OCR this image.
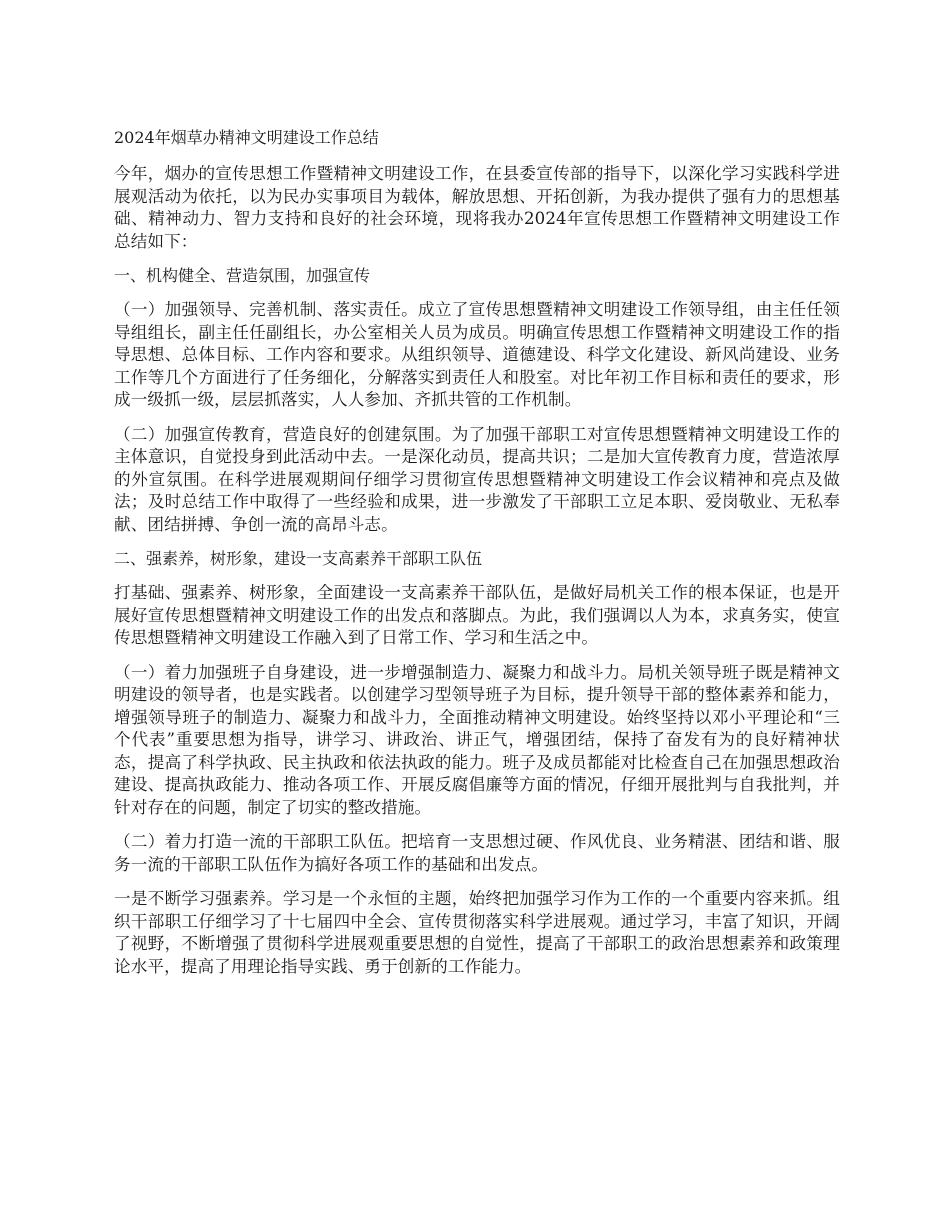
2024年烟草办精神文明建设工作总结

今年，烟办的宣传思想工作暨精神文明建设工作，在县委宣传部的指导下，以深化学习实践科学进展观活动为依托，以为民办实事项目为载体，解放思想、开拓创新，为我办提供了强有力的思想基础、精神动力、智力支持和良好的社会环境，现将我办2024年宣传思想工作暨精神文明建设工作总结如下：

一、机构健全、营造氛围，加强宣传

（一）加强领导、完善机制、落实责任。成立了宣传思想暨精神文明建设工作领导组，由主任任领导组组长，副主任任副组长，办公室相关人员为成员。明确宣传思想工作暨精神文明建设工作的指导思想、总体目标、工作内容和要求。从组织领导、道德建设、科学文化建设、新风尚建设、业务工作等几个方面进行了任务细化，分解落实到责任人和股室。对比年初工作目标和责任的要求，形成一级抓一级，层层抓落实，人人参加、齐抓共管的工作机制。

（二）加强宣传教育，营造良好的创建氛围。为了加强干部职工对宣传思想暨精神文明建设工作的主体意识，自觉投身到此活动中去。一是深化动员，提高共识；二是加大宣传教育力度，营造浓厚的外宣氛围。在科学进展观期间仔细学习贯彻宣传思想暨精神文明建设工作会议精神和亮点及做法；及时总结工作中取得了一些经验和成果，进一步激发了干部职工立足本职、爱岗敬业、无私奉献、团结拼搏、争创一流的高昂斗志。

二、强素养，树形象，建设一支高素养干部职工队伍

打基础、强素养、树形象，全面建设一支高素养干部队伍，是做好局机关工作的根本保证，也是开展好宣传思想暨精神文明建设工作的出发点和落脚点。为此，我们强调以人为本，求真务实，使宣传思想暨精神文明建设工作融入到了日常工作、学习和生活之中。

（一）着力加强班子自身建设，进一步增强制造力、凝聚力和战斗力。局机关领导班子既是精神文明建设的领导者，也是实践者。以创建学习型领导班子为目标，提升领导干部的整体素养和能力，增强领导班子的制造力、凝聚力和战斗力，全面推动精神文明建设。始终坚持以邓小平理论和“三个代表”重要思想为指导，讲学习、讲政治、讲正气，增强团结，保持了奋发有为的良好精神状态，提高了科学执政、民主执政和依法执政的能力。班子及成员都能对比检查自己在加强思想政治建设、提高执政能力、推动各项工作、开展反腐倡廉等方面的情况，仔细开展批判与自我批判，并针对存在的问题，制定了切实的整改措施。

（二）着力打造一流的干部职工队伍。把培育一支思想过硬、作风优良、业务精湛、团结和谐、服务一流的干部职工队伍作为搞好各项工作的基础和出发点。

一是不断学习强素养。学习是一个永恒的主题，始终把加强学习作为工作的一个重要内容来抓。组织干部职工仔细学习了十七届四中全会、宣传贯彻落实科学进展观。通过学习，丰富了知识，开阔了视野，不断增强了贯彻科学进展观重要思想的自觉性，提高了干部职工的政治思想素养和政策理论水平，提高了用理论指导实践、勇于创新的工作能力。
